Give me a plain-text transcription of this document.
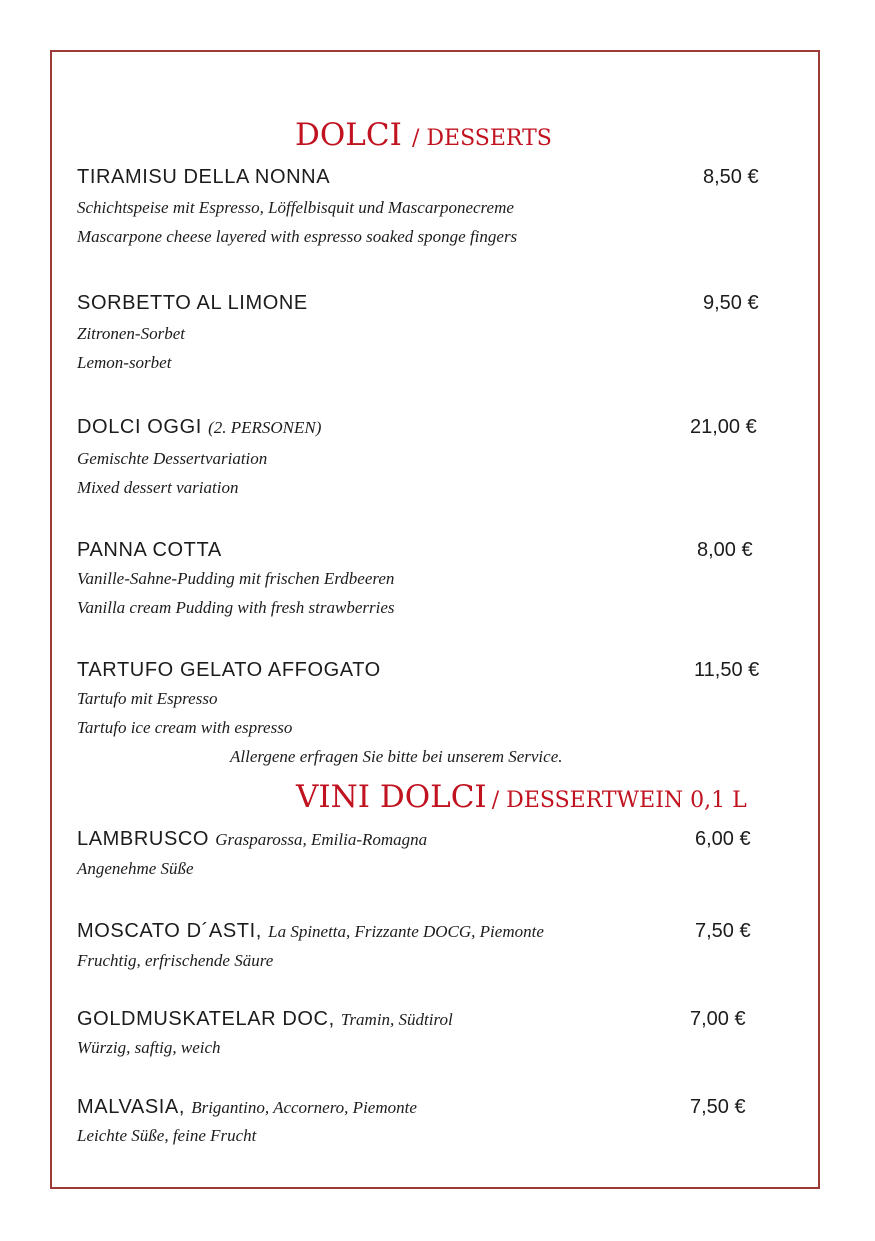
DOLCI / DESSERTS
TIRAMISU DELLA NONNA	8,50 €
Schichtspeise mit Espresso, Löffelbisquit und Mascarponecreme
Mascarpone cheese layered with espresso soaked sponge fingers
SORBETTO AL LIMONE	9,50 €
Zitronen-Sorbet
Lemon-sorbet
DOLCI OGGI (2. PERSONEN)	21,00 €
Gemischte Dessertvariation
Mixed dessert variation
PANNA COTTA	8,00 €
Vanille-Sahne-Pudding mit frischen Erdbeeren
Vanilla cream Pudding with fresh strawberries
TARTUFO GELATO AFFOGATO	11,50 €
Tartufo mit Espresso
Tartufo ice cream with espresso
Allergene erfragen Sie bitte bei unserem Service.
VINI DOLCI / DESSERTWEIN 0,1 L
LAMBRUSCO Grasparossa, Emilia-Romagna	6,00 €
Angenehme Süße
MOSCATO D´ASTI, La Spinetta, Frizzante DOCG, Piemonte	7,50 €
Fruchtig, erfrischende Säure
GOLDMUSKATELAR DOC, Tramin, Südtirol	7,00 €
Würzig, saftig, weich
MALVASIA, Brigantino, Accornero, Piemonte	7,50 €
Leichte Süße, feine Frucht
